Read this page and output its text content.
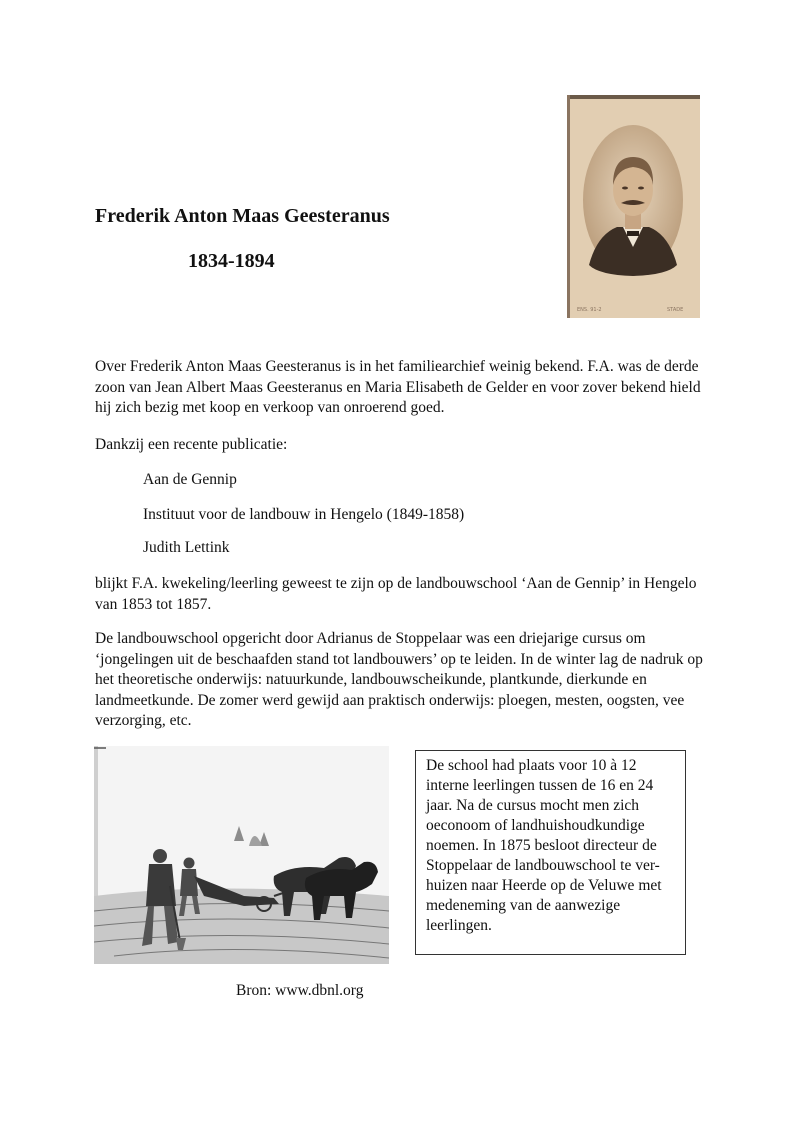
Frederik Anton Maas Geesteranus
1834-1894
ENS. 91-2	STADE
Over Frederik Anton Maas Geesteranus is in het familiearchief weinig bekend. F.A. was de derde zoon van Jean Albert Maas Geesteranus en Maria Elisabeth de Gelder en voor zover bekend hield hij zich bezig met koop en verkoop van onroerend goed.
Dankzij een recente publicatie:
Aan de Gennip
Instituut voor de landbouw in Hengelo (1849-1858)
Judith Lettink
blijkt F.A. kwekeling/leerling geweest te zijn op de landbouwschool ‘Aan de Gennip’ in Hengelo van 1853 tot 1857.
De landbouwschool opgericht door Adrianus de Stoppelaar was een driejarige cursus om ‘jongelingen uit de beschaafden stand tot landbouwers’ op te leiden. In de winter lag de nadruk op het theoretische onderwijs: natuurkunde, landbouwscheikunde, plantkunde, dierkunde en landmeetkunde. De zomer werd gewijd aan praktisch onderwijs: ploegen, mesten, oogsten, vee verzorging, etc.
Bron: www.dbnl.org
De school had plaats voor 10 à 12 interne leerlingen tussen de 16 en 24 jaar. Na de cursus mocht men zich oeconoom of landhuishoudkundige noemen. In 1875 besloot directeur de Stoppelaar de landbouwschool te ver-huizen naar Heerde op de Veluwe met medeneming van de aanwezige leerlingen.
